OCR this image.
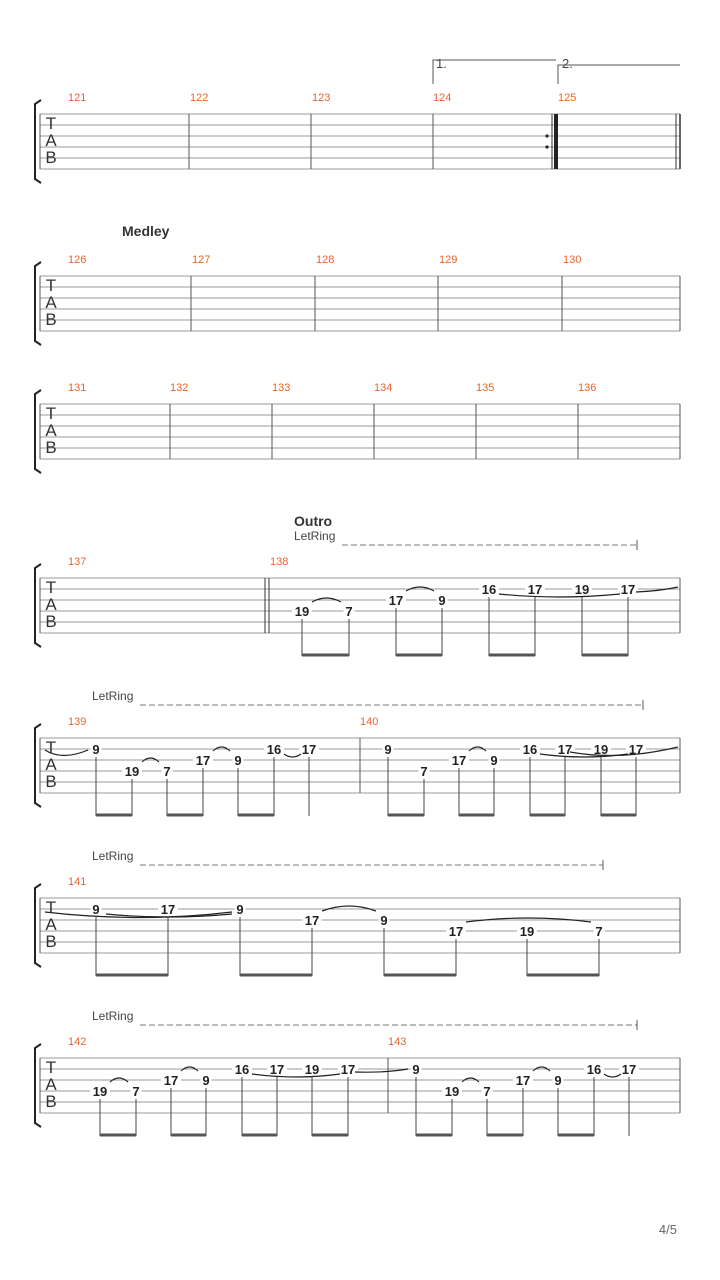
T
A
B
T
A
B
T
A
B
T
A
B
T
A
B
T
A
B
T
A
B
19	7
17	9
16 17	19 17
9
19 7
17 9
16 17	9
7
17 9
16 17 19 17
9	17	9
17	9
17	19	7
19 7
17 9
16 17 19 17	9
19 7
17 9
16 17
121	122	123	124	125
126	127	128	129	130
131	132	133	134	135	136
137	138
139	140
141
142	143
1.	2.
Medley
Outro
LetRing
LetRing
LetRing
LetRing
4/5
